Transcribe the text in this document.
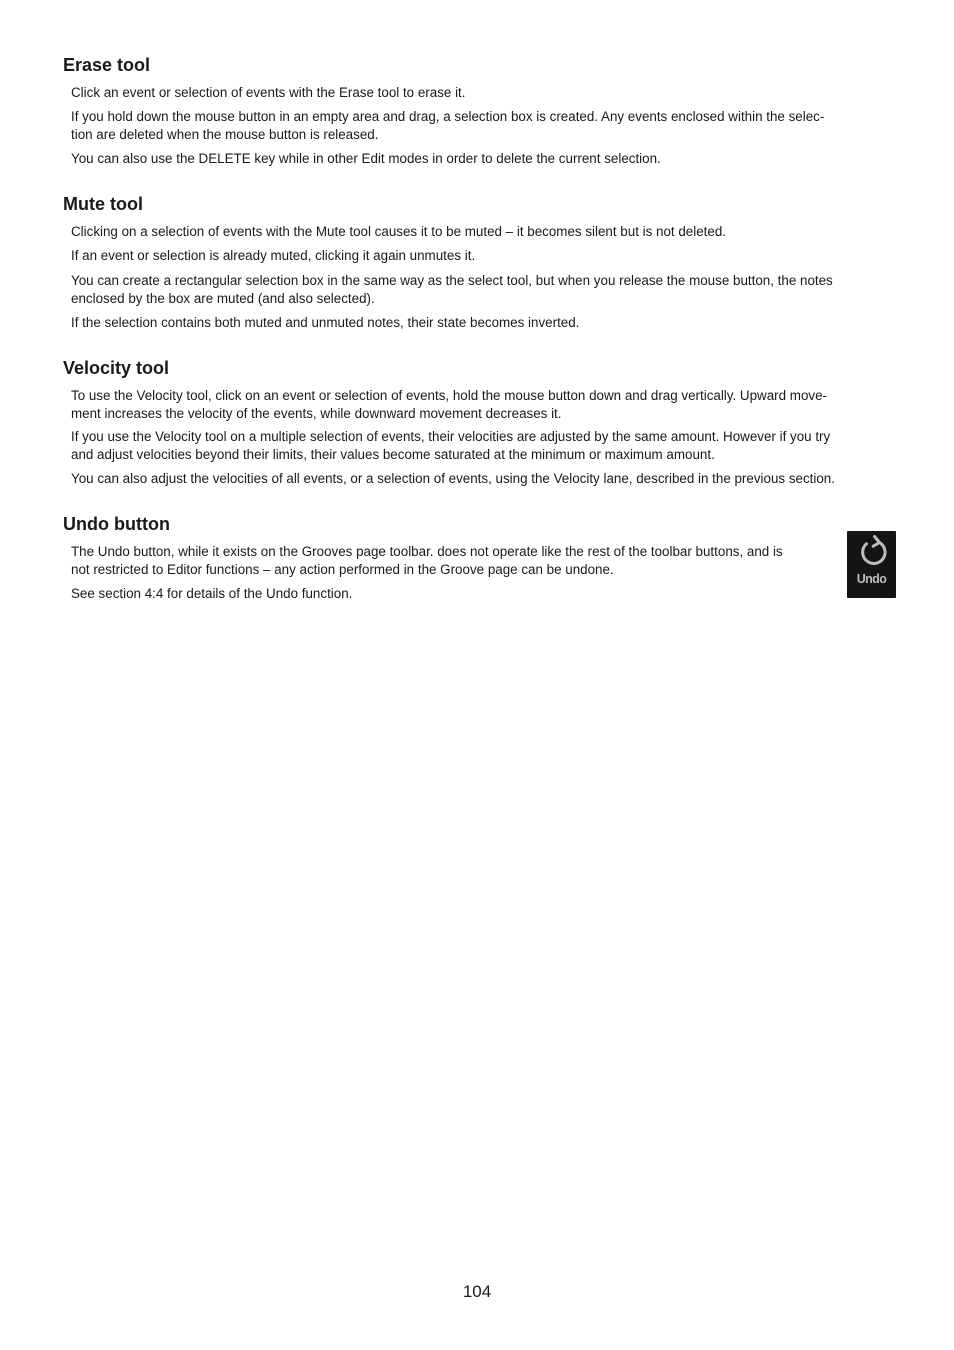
Erase tool

Click an event or selection of events with the Erase tool to erase it.

If you hold down the mouse button in an empty area and drag, a selection box is created. Any events enclosed within the selec-
tion are deleted when the mouse button is released.

You can also use the DELETE key while in other Edit modes in order to delete the current selection.

Mute tool

Clicking on a selection of events with the Mute tool causes it to be muted – it becomes silent but is not deleted.

If an event or selection is already muted, clicking it again unmutes it.

You can create a rectangular selection box in the same way as the select tool, but when you release the mouse button, the notes
enclosed by the box are muted (and also selected).

If the selection contains both muted and unmuted notes, their state becomes inverted.

Velocity tool

To use the Velocity tool, click on an event or selection of events, hold the mouse button down and drag vertically. Upward move-
ment increases the velocity of the events, while downward movement decreases it.

If you use the Velocity tool on a multiple selection of events, their velocities are adjusted by the same amount. However if you try
and adjust velocities beyond their limits, their values become saturated at the minimum or maximum amount.

You can also adjust the velocities of all events, or a selection of events, using the Velocity lane, described in the previous section.

Undo button

The Undo button, while it exists on the Grooves page toolbar. does not operate like the rest of the toolbar buttons, and is
not restricted to Editor functions – any action performed in the Groove page can be undone.

See section 4:4 for details of the Undo function.

Undo
104
